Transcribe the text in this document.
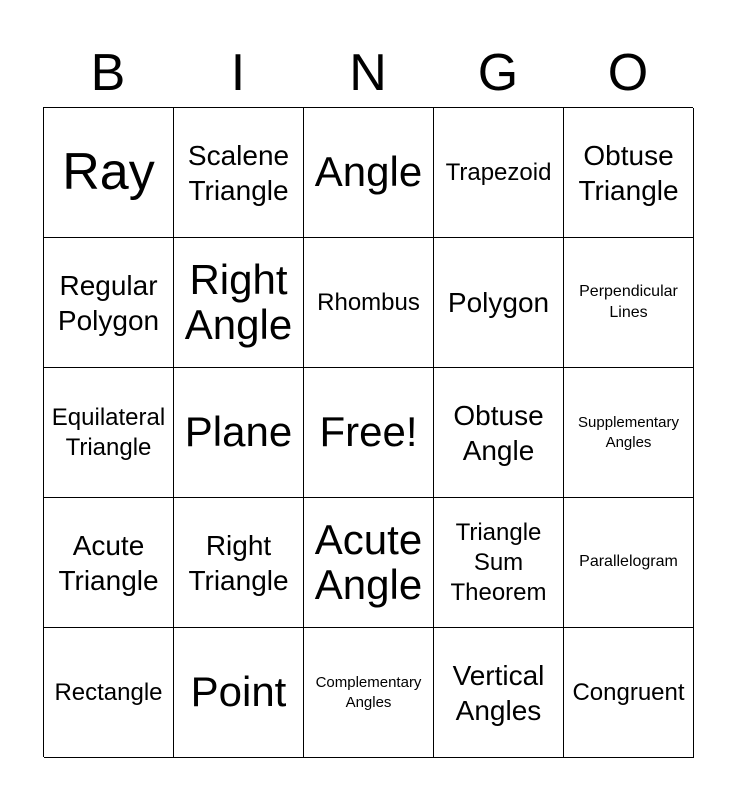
B	I	N	G	O
Ray Scalene
Triangle Angle Trapezoid
Obtuse
Triangle
Regular
Polygon
Right
Angle Rhombus Polygon Perpendicular
Lines
Equilateral
Triangle Plane Free! Obtuse
Angle
Supplementary
Angles
Acute
Triangle
Right
Triangle
Acute
Angle
Triangle
Sum
Theorem
Parallelogram
Rectangle Point Complementary
Angles
Vertical
Angles
Congruent
